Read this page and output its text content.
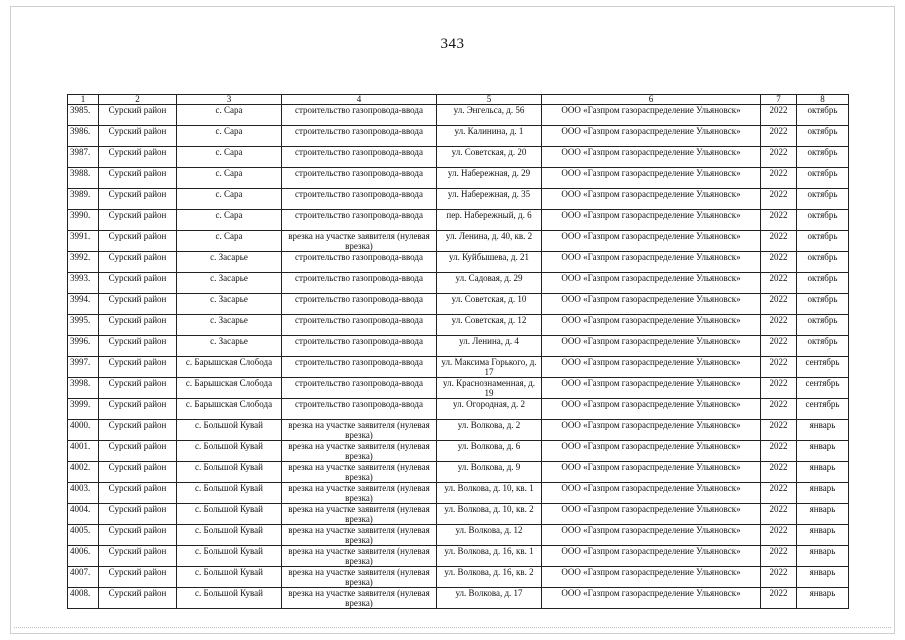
343
1	2	3	4	5	6	7	8
3985.	Сурский район	с. Сара	строительство газопровода-ввода	ул. Энгельса, д. 56	ООО «Газпром газораспределение Ульяновск»	2022	октябрь
3986.	Сурский район	с. Сара	строительство газопровода-ввода	ул. Калинина, д. 1	ООО «Газпром газораспределение Ульяновск»	2022	октябрь
3987.	Сурский район	с. Сара	строительство газопровода-ввода	ул. Советская, д. 20	ООО «Газпром газораспределение Ульяновск»	2022	октябрь
3988.	Сурский район	с. Сара	строительство газопровода-ввода	ул. Набережная, д. 29	ООО «Газпром газораспределение Ульяновск»	2022	октябрь
3989.	Сурский район	с. Сара	строительство газопровода-ввода	ул. Набережная, д. 35	ООО «Газпром газораспределение Ульяновск»	2022	октябрь
3990.	Сурский район	с. Сара	строительство газопровода-ввода	пер. Набережный, д. 6	ООО «Газпром газораспределение Ульяновск»	2022	октябрь
3991.	Сурский район	с. Сара	врезка на участке заявителя (нулевая врезка)	ул. Ленина, д. 40, кв. 2	ООО «Газпром газораспределение Ульяновск»	2022	октябрь
3992.	Сурский район	с. Засарье	строительство газопровода-ввода	ул. Куйбышева, д. 21	ООО «Газпром газораспределение Ульяновск»	2022	октябрь
3993.	Сурский район	с. Засарье	строительство газопровода-ввода	ул. Садовая, д. 29	ООО «Газпром газораспределение Ульяновск»	2022	октябрь
3994.	Сурский район	с. Засарье	строительство газопровода-ввода	ул. Советская, д. 10	ООО «Газпром газораспределение Ульяновск»	2022	октябрь
3995.	Сурский район	с. Засарье	строительство газопровода-ввода	ул. Советская, д. 12	ООО «Газпром газораспределение Ульяновск»	2022	октябрь
3996.	Сурский район	с. Засарье	строительство газопровода-ввода	ул. Ленина, д. 4	ООО «Газпром газораспределение Ульяновск»	2022	октябрь
3997.	Сурский район	с. Барышская Слобода	строительство газопровода-ввода	ул. Максима Горького, д. 17	ООО «Газпром газораспределение Ульяновск»	2022	сентябрь
3998.	Сурский район	с. Барышская Слобода	строительство газопровода-ввода	ул. Краснознаменная, д. 19	ООО «Газпром газораспределение Ульяновск»	2022	сентябрь
3999.	Сурский район	с. Барышская Слобода	строительство газопровода-ввода	ул. Огородная, д. 2	ООО «Газпром газораспределение Ульяновск»	2022	сентябрь
4000.	Сурский район	с. Большой Кувай	врезка на участке заявителя (нулевая врезка)	ул. Волкова, д. 2	ООО «Газпром газораспределение Ульяновск»	2022	январь
4001.	Сурский район	с. Большой Кувай	врезка на участке заявителя (нулевая врезка)	ул. Волкова, д. 6	ООО «Газпром газораспределение Ульяновск»	2022	январь
4002.	Сурский район	с. Большой Кувай	врезка на участке заявителя (нулевая врезка)	ул. Волкова, д. 9	ООО «Газпром газораспределение Ульяновск»	2022	январь
4003.	Сурский район	с. Большой Кувай	врезка на участке заявителя (нулевая врезка)	ул. Волкова, д. 10, кв. 1	ООО «Газпром газораспределение Ульяновск»	2022	январь
4004.	Сурский район	с. Большой Кувай	врезка на участке заявителя (нулевая врезка)	ул. Волкова, д. 10, кв. 2	ООО «Газпром газораспределение Ульяновск»	2022	январь
4005.	Сурский район	с. Большой Кувай	врезка на участке заявителя (нулевая врезка)	ул. Волкова, д. 12	ООО «Газпром газораспределение Ульяновск»	2022	январь
4006.	Сурский район	с. Большой Кувай	врезка на участке заявителя (нулевая врезка)	ул. Волкова, д. 16, кв. 1	ООО «Газпром газораспределение Ульяновск»	2022	январь
4007.	Сурский район	с. Большой Кувай	врезка на участке заявителя (нулевая врезка)	ул. Волкова, д. 16, кв. 2	ООО «Газпром газораспределение Ульяновск»	2022	январь
4008.	Сурский район	с. Большой Кувай	врезка на участке заявителя (нулевая врезка)	ул. Волкова, д. 17	ООО «Газпром газораспределение Ульяновск»	2022	январь
